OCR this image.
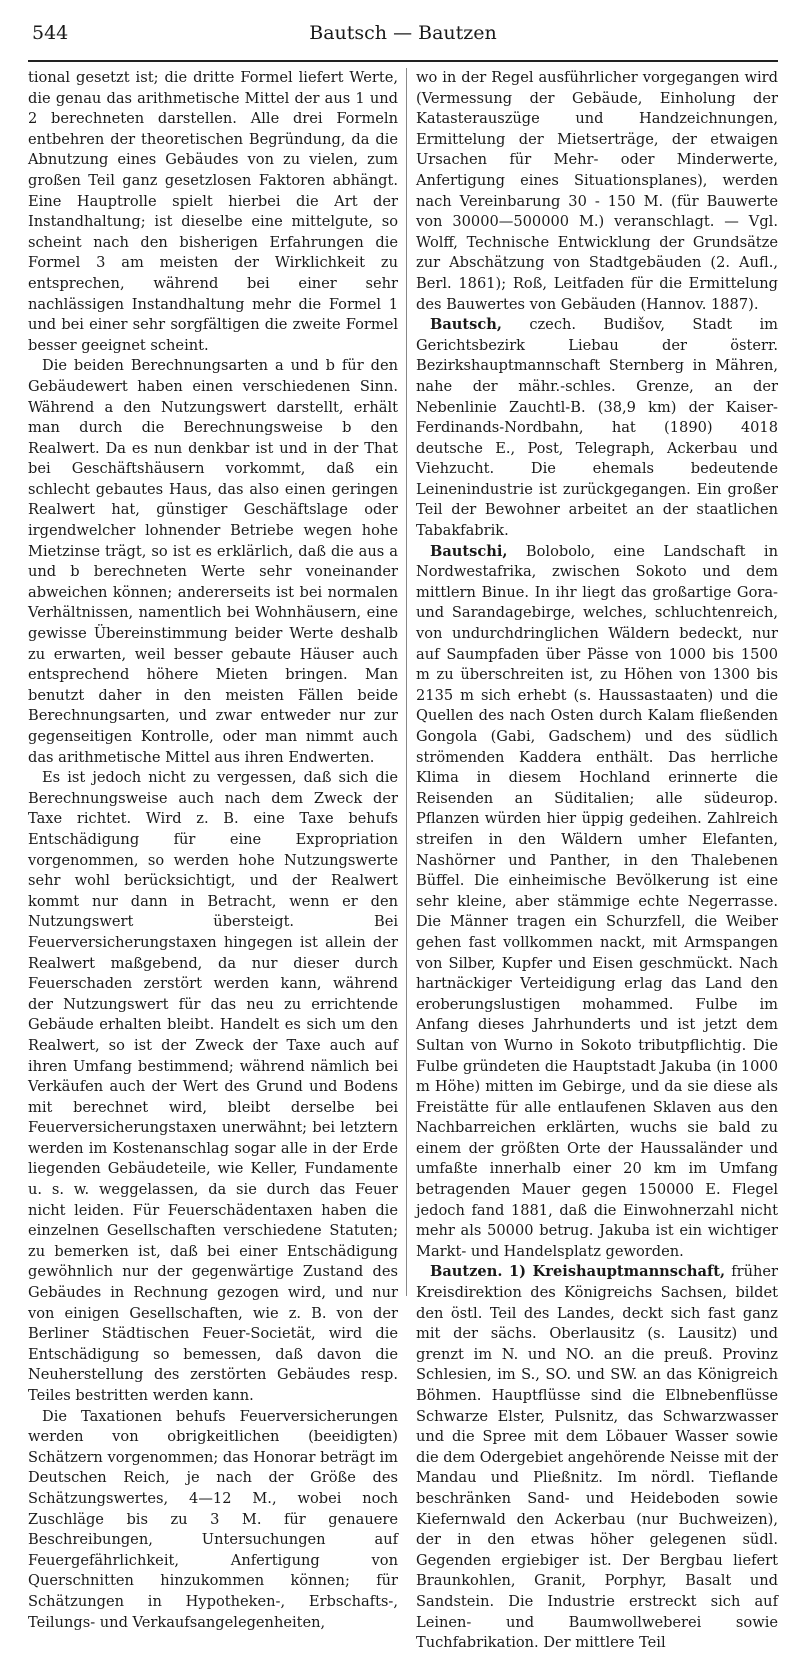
544	Bautsch — Bautzen

tional gesetzt ist; die dritte Formel liefert Werte, die genau das arithmetische Mittel der aus 1 und 2 berechneten darstellen. Alle drei Formeln entbehren der theoretischen Begründung, da die Abnutzung eines Gebäudes von zu vielen, zum großen Teil ganz gesetzlosen Faktoren abhängt. Eine Hauptrolle spielt hierbei die Art der Instandhaltung; ist dieselbe eine mittelgute, so scheint nach den bisherigen Erfahrungen die Formel 3 am meisten der Wirklichkeit zu entsprechen, während bei einer sehr nachlässigen Instandhaltung mehr die Formel 1 und bei einer sehr sorgfältigen die zweite Formel besser geeignet scheint.

Die beiden Berechnungsarten a und b für den Gebäudewert haben einen verschiedenen Sinn. Während a den Nutzungswert darstellt, erhält man durch die Berechnungsweise b den Realwert. Da es nun denkbar ist und in der That bei Geschäftshäusern vorkommt, daß ein schlecht gebautes Haus, das also einen geringen Realwert hat, günstiger Geschäftslage oder irgendwelcher lohnender Betriebe wegen hohe Mietzinse trägt, so ist es erklärlich, daß die aus a und b berechneten Werte sehr voneinander abweichen können; andererseits ist bei normalen Verhältnissen, namentlich bei Wohnhäusern, eine gewisse Übereinstimmung beider Werte deshalb zu erwarten, weil besser gebaute Häuser auch entsprechend höhere Mieten bringen. Man benutzt daher in den meisten Fällen beide Berechnungsarten, und zwar entweder nur zur gegenseitigen Kontrolle, oder man nimmt auch das arithmetische Mittel aus ihren Endwerten.

Es ist jedoch nicht zu vergessen, daß sich die Berechnungsweise auch nach dem Zweck der Taxe richtet. Wird z. B. eine Taxe behufs Entschädigung für eine Expropriation vorgenommen, so werden hohe Nutzungswerte sehr wohl berücksichtigt, und der Realwert kommt nur dann in Betracht, wenn er den Nutzungswert übersteigt. Bei Feuerversicherungstaxen hingegen ist allein der Realwert maßgebend, da nur dieser durch Feuerschaden zerstört werden kann, während der Nutzungswert für das neu zu errichtende Gebäude erhalten bleibt. Handelt es sich um den Realwert, so ist der Zweck der Taxe auch auf ihren Umfang bestimmend; während nämlich bei Verkäufen auch der Wert des Grund und Bodens mit berechnet wird, bleibt derselbe bei Feuerversicherungstaxen unerwähnt; bei letztern werden im Kostenanschlag sogar alle in der Erde liegenden Gebäudeteile, wie Keller, Fundamente u. s. w. weggelassen, da sie durch das Feuer nicht leiden. Für Feuerschädentaxen haben die einzelnen Gesellschaften verschiedene Statuten; zu bemerken ist, daß bei einer Entschädigung gewöhnlich nur der gegenwärtige Zustand des Gebäudes in Rechnung gezogen wird, und nur von einigen Gesellschaften, wie z. B. von der Berliner Städtischen Feuer-Societät, wird die Entschädigung so bemessen, daß davon die Neuherstellung des zerstörten Gebäudes resp. Teiles bestritten werden kann.

Die Taxationen behufs Feuerversicherungen werden von obrigkeitlichen (beeidigten) Schätzern vorgenommen; das Honorar beträgt im Deutschen Reich, je nach der Größe des Schätzungswertes, 4—12 M., wobei noch Zuschläge bis zu 3 M. für genauere Beschreibungen, Untersuchungen auf Feuergefährlichkeit, Anfertigung von Querschnitten hinzukommen können; für Schätzungen in Hypotheken-, Erbschafts-, Teilungs- und Verkaufsangelegenheiten,

wo in der Regel ausführlicher vorgegangen wird (Vermessung der Gebäude, Einholung der Katasterauszüge und Handzeichnungen, Ermittelung der Mietserträge, der etwaigen Ursachen für Mehr- oder Minderwerte, Anfertigung eines Situationsplanes), werden nach Vereinbarung 30 - 150 M. (für Bauwerte von 30000—500000 M.) veranschlagt. — Vgl. Wolff, Technische Entwicklung der Grundsätze zur Abschätzung von Stadtgebäuden (2. Aufl., Berl. 1861); Roß, Leitfaden für die Ermittelung des Bauwertes von Gebäuden (Hannov. 1887).

Bautsch, czech. Budišov, Stadt im Gerichtsbezirk Liebau der österr. Bezirkshauptmannschaft Sternberg in Mähren, nahe der mähr.-schles. Grenze, an der Nebenlinie Zauchtl-B. (38,9 km) der Kaiser-Ferdinands-Nordbahn, hat (1890) 4018 deutsche E., Post, Telegraph, Ackerbau und Viehzucht. Die ehemals bedeutende Leinenindustrie ist zurückgegangen. Ein großer Teil der Bewohner arbeitet an der staatlichen Tabakfabrik.

Bautschi, Bolobolo, eine Landschaft in Nordwestafrika, zwischen Sokoto und dem mittlern Binue. In ihr liegt das großartige Gora- und Sarandagebirge, welches, schluchtenreich, von undurchdringlichen Wäldern bedeckt, nur auf Saumpfaden über Pässe von 1000 bis 1500 m zu überschreiten ist, zu Höhen von 1300 bis 2135 m sich erhebt (s. Haussastaaten) und die Quellen des nach Osten durch Kalam fließenden Gongola (Gabi, Gadschem) und des südlich strömenden Kaddera enthält. Das herrliche Klima in diesem Hochland erinnerte die Reisenden an Süditalien; alle südeurop. Pflanzen würden hier üppig gedeihen. Zahlreich streifen in den Wäldern umher Elefanten, Nashörner und Panther, in den Thalebenen Büffel. Die einheimische Bevölkerung ist eine sehr kleine, aber stämmige echte Negerrasse. Die Männer tragen ein Schurzfell, die Weiber gehen fast vollkommen nackt, mit Armspangen von Silber, Kupfer und Eisen geschmückt. Nach hartnäckiger Verteidigung erlag das Land den eroberungslustigen mohammed. Fulbe im Anfang dieses Jahrhunderts und ist jetzt dem Sultan von Wurno in Sokoto tributpflichtig. Die Fulbe gründeten die Hauptstadt Jakuba (in 1000 m Höhe) mitten im Gebirge, und da sie diese als Freistätte für alle entlaufenen Sklaven aus den Nachbarreichen erklärten, wuchs sie bald zu einem der größten Orte der Haussaländer und umfaßte innerhalb einer 20 km im Umfang betragenden Mauer gegen 150000 E. Flegel jedoch fand 1881, daß die Einwohnerzahl nicht mehr als 50000 betrug. Jakuba ist ein wichtiger Markt- und Handelsplatz geworden.

Bautzen. 1) Kreishauptmannschaft, früher Kreisdirektion des Königreichs Sachsen, bildet den östl. Teil des Landes, deckt sich fast ganz mit der sächs. Oberlausitz (s. Lausitz) und grenzt im N. und NO. an die preuß. Provinz Schlesien, im S., SO. und SW. an das Königreich Böhmen. Hauptflüsse sind die Elbnebenflüsse Schwarze Elster, Pulsnitz, das Schwarzwasser und die Spree mit dem Löbauer Wasser sowie die dem Odergebiet angehörende Neisse mit der Mandau und Pließnitz. Im nördl. Tieflande beschränken Sand- und Heideboden sowie Kiefernwald den Ackerbau (nur Buchweizen), der in den etwas höher gelegenen südl. Gegenden ergiebiger ist. Der Bergbau liefert Braunkohlen, Granit, Porphyr, Basalt und Sandstein. Die Industrie erstreckt sich auf Leinen- und Baumwollweberei sowie Tuchfabrikation. Der mittlere Teil
